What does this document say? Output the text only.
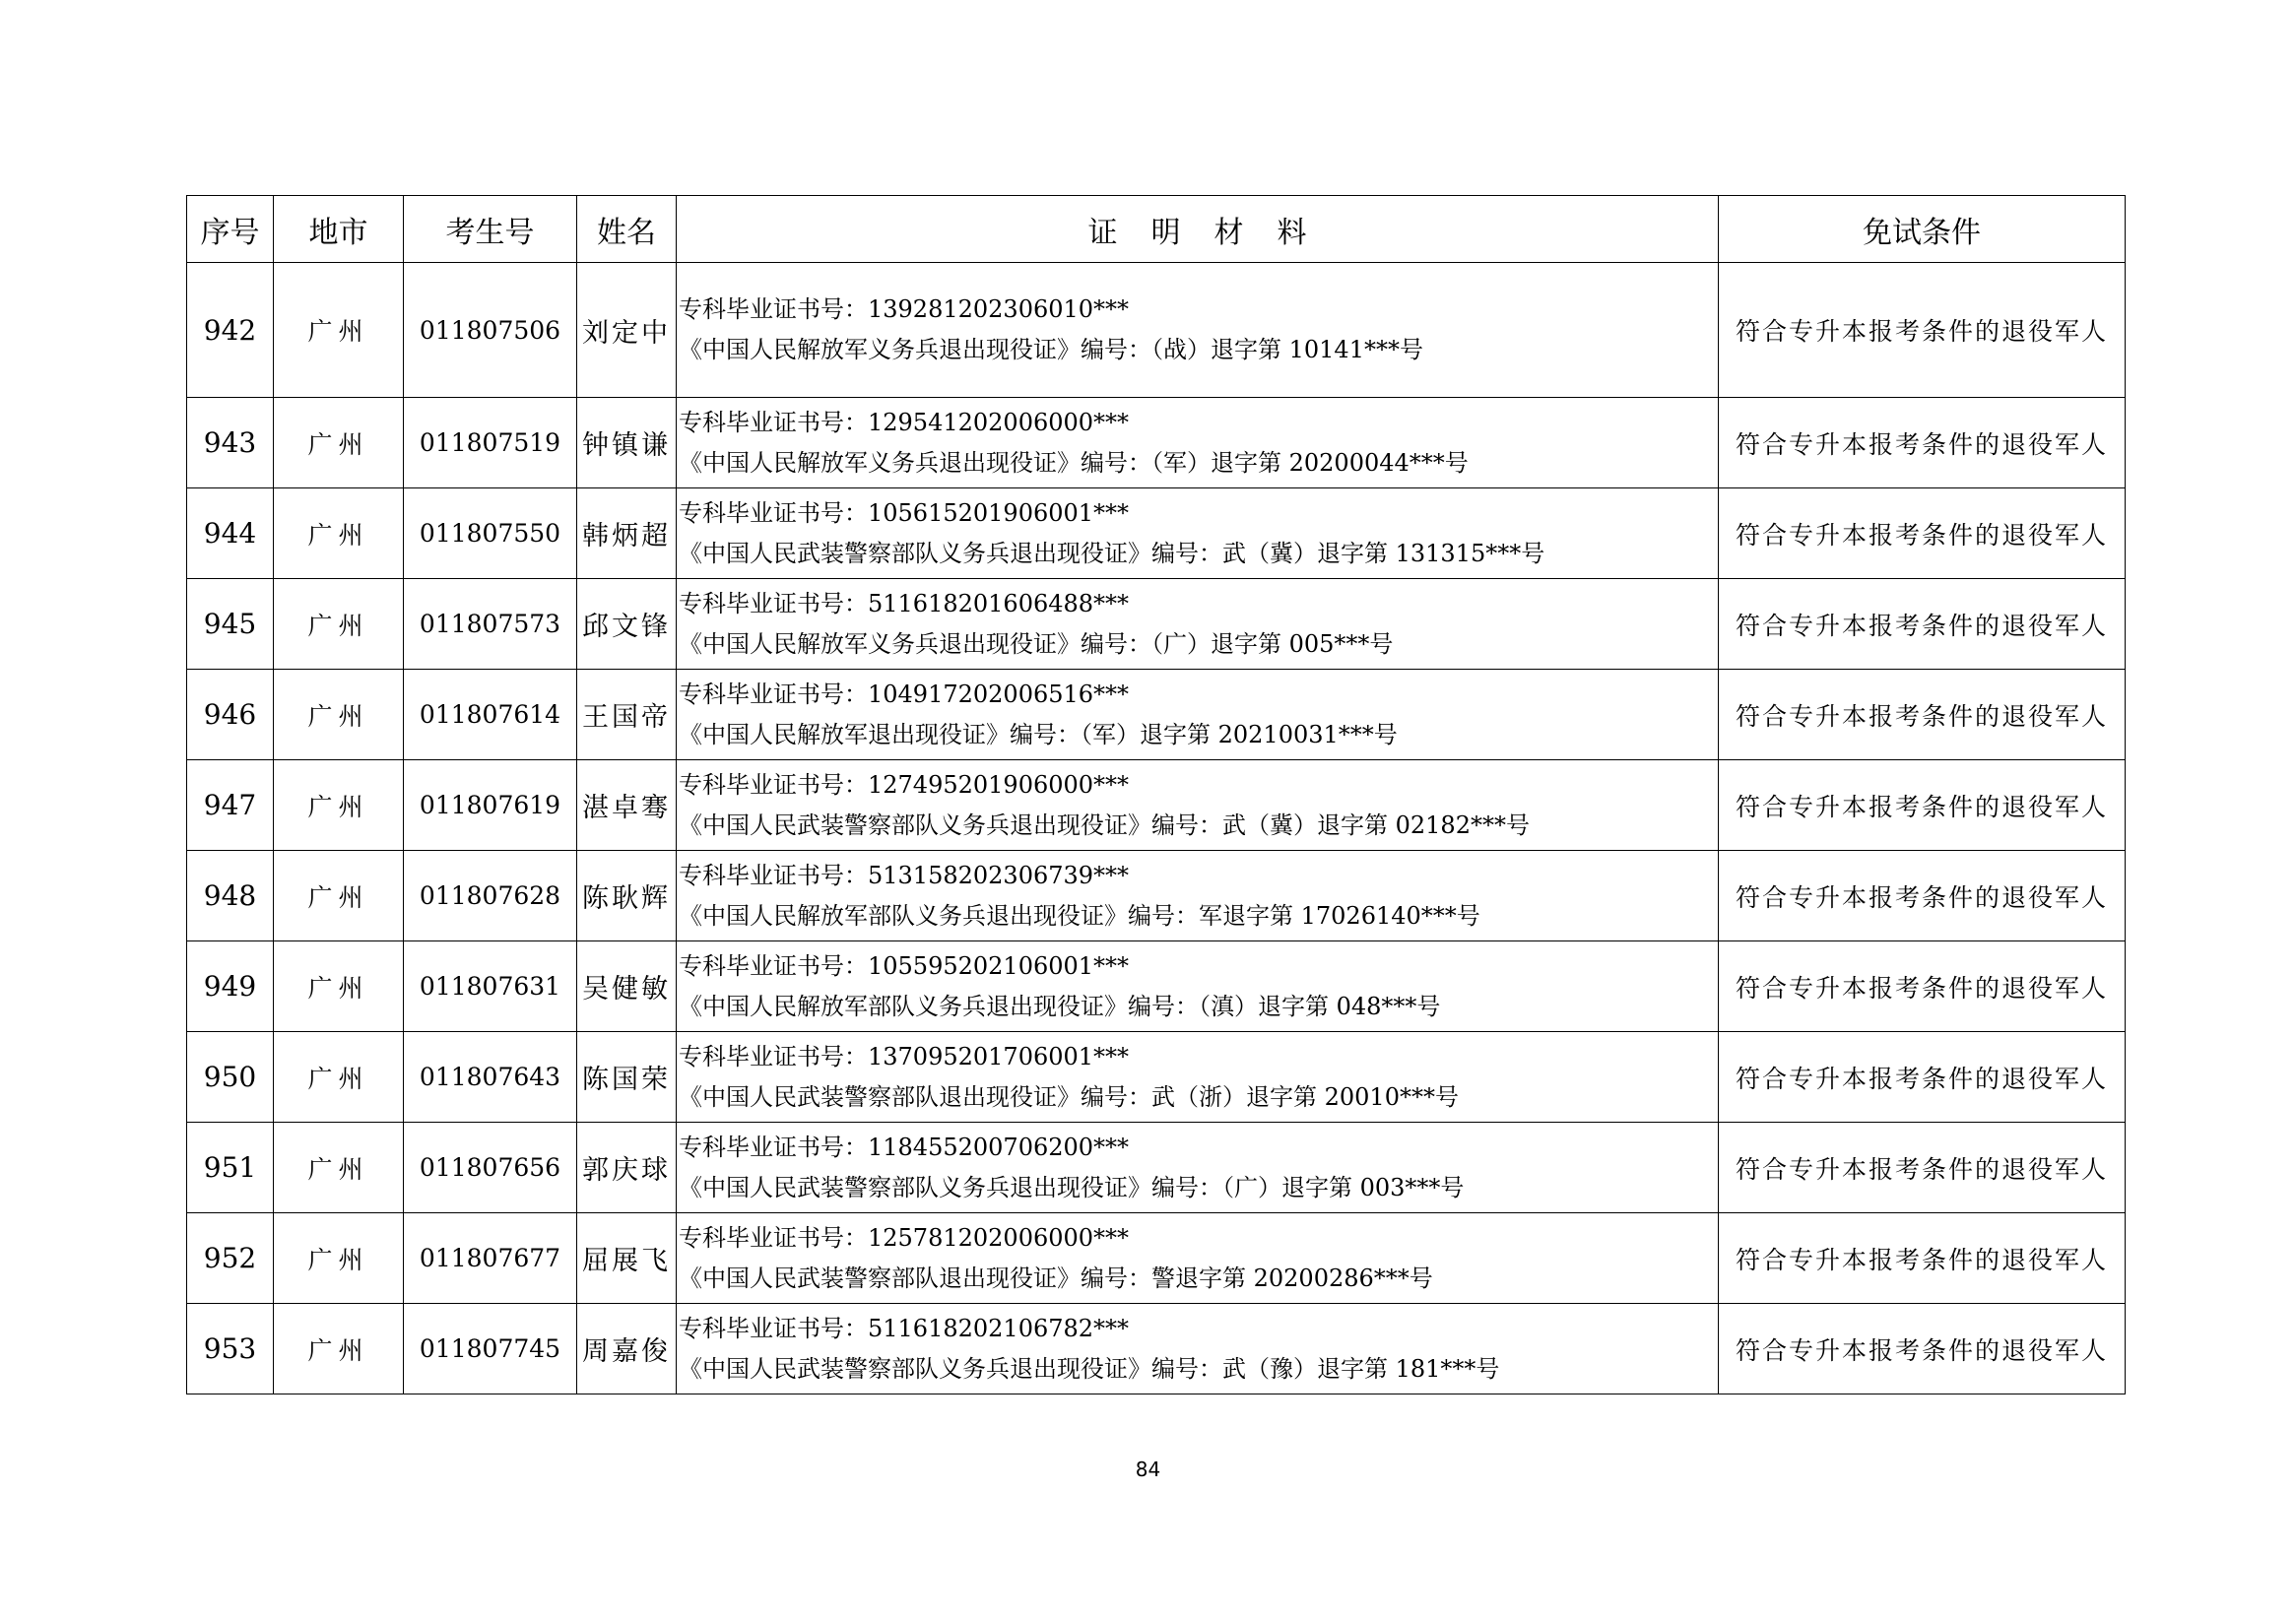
序号	地市	考生号	姓名	证明材料	免试条件
942	广州	011807506	刘定中	专科毕业证书号：139281202306010***
《中国人民解放军义务兵退出现役证》编号：（战）退字第 10141***号	符合专升本报考条件的退役军人
943	广州	011807519	钟镇谦	专科毕业证书号：129541202006000***
《中国人民解放军义务兵退出现役证》编号：（军）退字第 20200044***号	符合专升本报考条件的退役军人
944	广州	011807550	韩炳超	专科毕业证书号：105615201906001***
《中国人民武装警察部队义务兵退出现役证》编号：武（冀）退字第 131315***号	符合专升本报考条件的退役军人
945	广州	011807573	邱文锋	专科毕业证书号：511618201606488***
《中国人民解放军义务兵退出现役证》编号：（广）退字第 005***号	符合专升本报考条件的退役军人
946	广州	011807614	王国帝	专科毕业证书号：104917202006516***
《中国人民解放军退出现役证》编号：（军）退字第 20210031***号	符合专升本报考条件的退役军人
947	广州	011807619	湛卓骞	专科毕业证书号：127495201906000***
《中国人民武装警察部队义务兵退出现役证》编号：武（冀）退字第 02182***号	符合专升本报考条件的退役军人
948	广州	011807628	陈耿辉	专科毕业证书号：513158202306739***
《中国人民解放军部队义务兵退出现役证》编号：军退字第 17026140***号	符合专升本报考条件的退役军人
949	广州	011807631	吴健敏	专科毕业证书号：105595202106001***
《中国人民解放军部队义务兵退出现役证》编号：（滇）退字第 048***号	符合专升本报考条件的退役军人
950	广州	011807643	陈国荣	专科毕业证书号：137095201706001***
《中国人民武装警察部队退出现役证》编号：武（浙）退字第 20010***号	符合专升本报考条件的退役军人
951	广州	011807656	郭庆球	专科毕业证书号：118455200706200***
《中国人民武装警察部队义务兵退出现役证》编号：（广）退字第 003***号	符合专升本报考条件的退役军人
952	广州	011807677	屈展飞	专科毕业证书号：125781202006000***
《中国人民武装警察部队退出现役证》编号：警退字第 20200286***号	符合专升本报考条件的退役军人
953	广州	011807745	周嘉俊	专科毕业证书号：511618202106782***
《中国人民武装警察部队义务兵退出现役证》编号：武（豫）退字第 181***号	符合专升本报考条件的退役军人
84
